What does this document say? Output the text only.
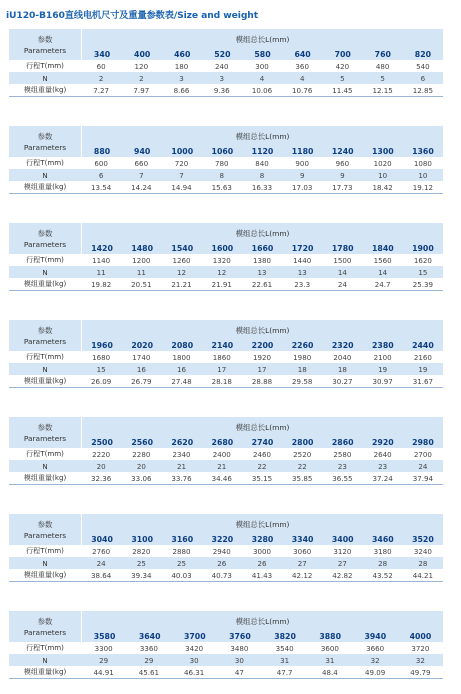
iU120-B160直线电机尺寸及重量参数表/Size and weight
参数
Parameters
模组总长L(mm)
340	400	460	520	580	640	700	760	820
行程T(mm)	60	120	180	240	300	360	420	480	540
N	2	2	3	3	4	4	5	5	6
模组重量(kg)	7.27	7.97	8.66	9.36	10.06	10.76	11.45	12.15	12.85
参数
Parameters
模组总长L(mm)
880	940	1000	1060	1120	1180	1240	1300	1360
行程T(mm)	600	660	720	780	840	900	960	1020	1080
N	6	7	7	8	8	9	9	10	10
模组重量(kg)	13.54	14.24	14.94	15.63	16.33	17.03	17.73	18.42	19.12
参数
Parameters
模组总长L(mm)
1420	1480	1540	1600	1660	1720	1780	1840	1900
行程T(mm)	1140	1200	1260	1320	1380	1440	1500	1560	1620
N	11	11	12	12	13	13	14	14	15
模组重量(kg)	19.82	20.51	21.21	21.91	22.61	23.3	24	24.7	25.39
参数
Parameters
模组总长L(mm)
1960	2020	2080	2140	2200	2260	2320	2380	2440
行程T(mm)	1680	1740	1800	1860	1920	1980	2040	2100	2160
N	15	16	16	17	17	18	18	19	19
模组重量(kg)	26.09	26.79	27.48	28.18	28.88	29.58	30.27	30.97	31.67
参数
Parameters
模组总长L(mm)
2500	2560	2620	2680	2740	2800	2860	2920	2980
行程T(mm)	2220	2280	2340	2400	2460	2520	2580	2640	2700
N	20	20	21	21	22	22	23	23	24
模组重量(kg)	32.36	33.06	33.76	34.46	35.15	35.85	36.55	37.24	37.94
参数
Parameters
模组总长L(mm)
3040	3100	3160	3220	3280	3340	3400	3460	3520
行程T(mm)	2760	2820	2880	2940	3000	3060	3120	3180	3240
N	24	25	25	26	26	27	27	28	28
模组重量(kg)	38.64	39.34	40.03	40.73	41.43	42.12	42.82	43.52	44.21
参数
Parameters
模组总长L(mm)
3580	3640	3700	3760	3820	3880	3940	4000
行程T(mm)	3300	3360	3420	3480	3540	3600	3660	3720
N	29	29	30	30	31	31	32	32
模组重量(kg)	44.91	45.61	46.31	47	47.7	48.4	49.09	49.79
